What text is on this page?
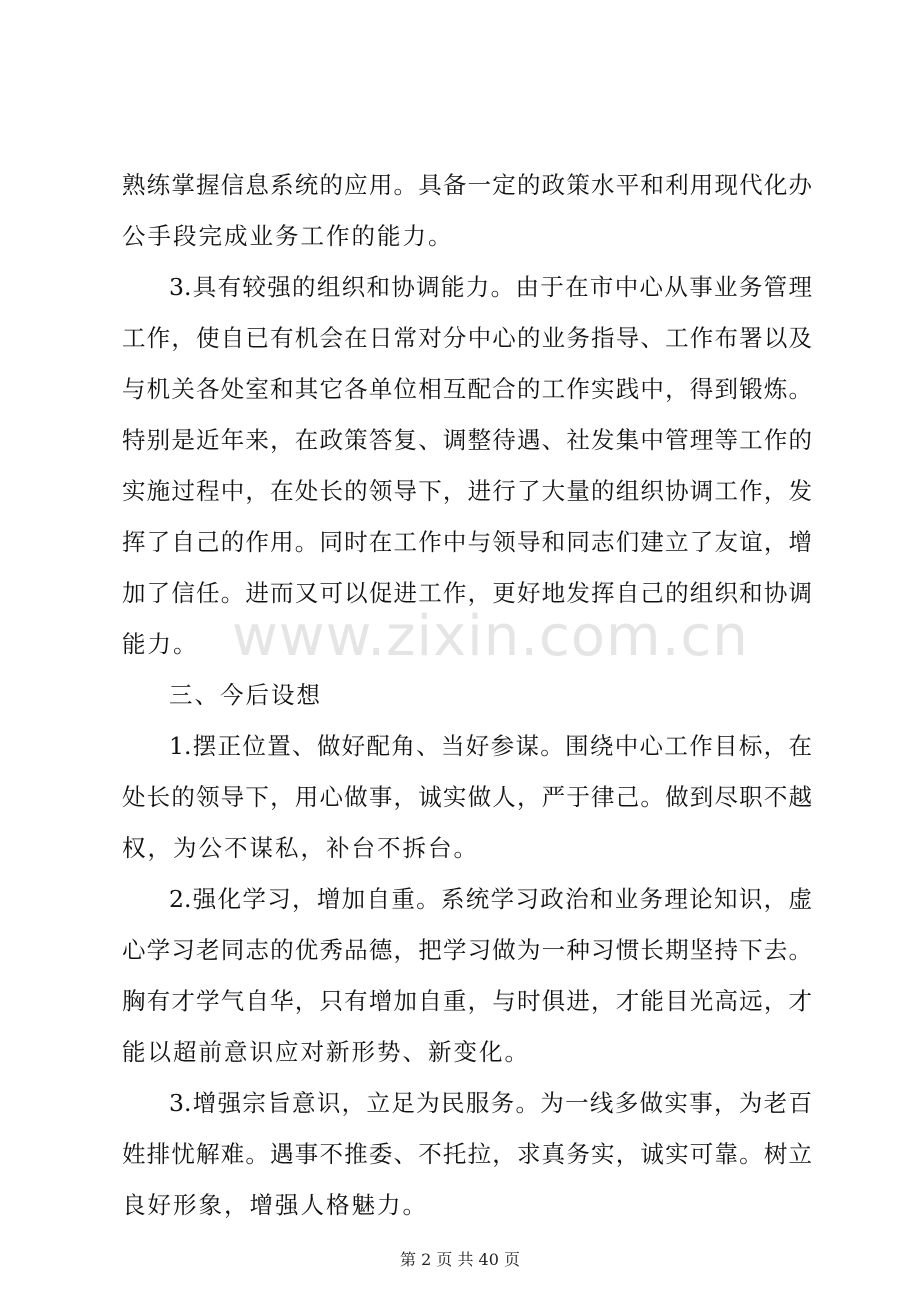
熟练掌握信息系统的应用。具备一定的政策水平和利用现代化办
公手段完成业务工作的能力。
3.具有较强的组织和协调能力。由于在市中心从事业务管理
工作，使自已有机会在日常对分中心的业务指导、工作布署以及
与机关各处室和其它各单位相互配合的工作实践中，得到锻炼。
特别是近年来，在政策答复、调整待遇、社发集中管理等工作的
实施过程中，在处长的领导下，进行了大量的组织协调工作，发
挥了自己的作用。同时在工作中与领导和同志们建立了友谊，增
加了信任。进而又可以促进工作，更好地发挥自己的组织和协调
能力。
三、今后设想
1.摆正位置、做好配角、当好参谋。围绕中心工作目标，在
处长的领导下，用心做事，诚实做人，严于律己。做到尽职不越
权，为公不谋私，补台不拆台。
2.强化学习，增加自重。系统学习政治和业务理论知识，虚
心学习老同志的优秀品德，把学习做为一种习惯长期坚持下去。
胸有才学气自华，只有增加自重，与时俱进，才能目光高远，才
能以超前意识应对新形势、新变化。
3.增强宗旨意识，立足为民服务。为一线多做实事，为老百
姓排忧解难。遇事不推委、不托拉，求真务实，诚实可靠。树立
良好形象，增强人格魅力。
www.zixin.com.cn
第 2 页 共 40 页
